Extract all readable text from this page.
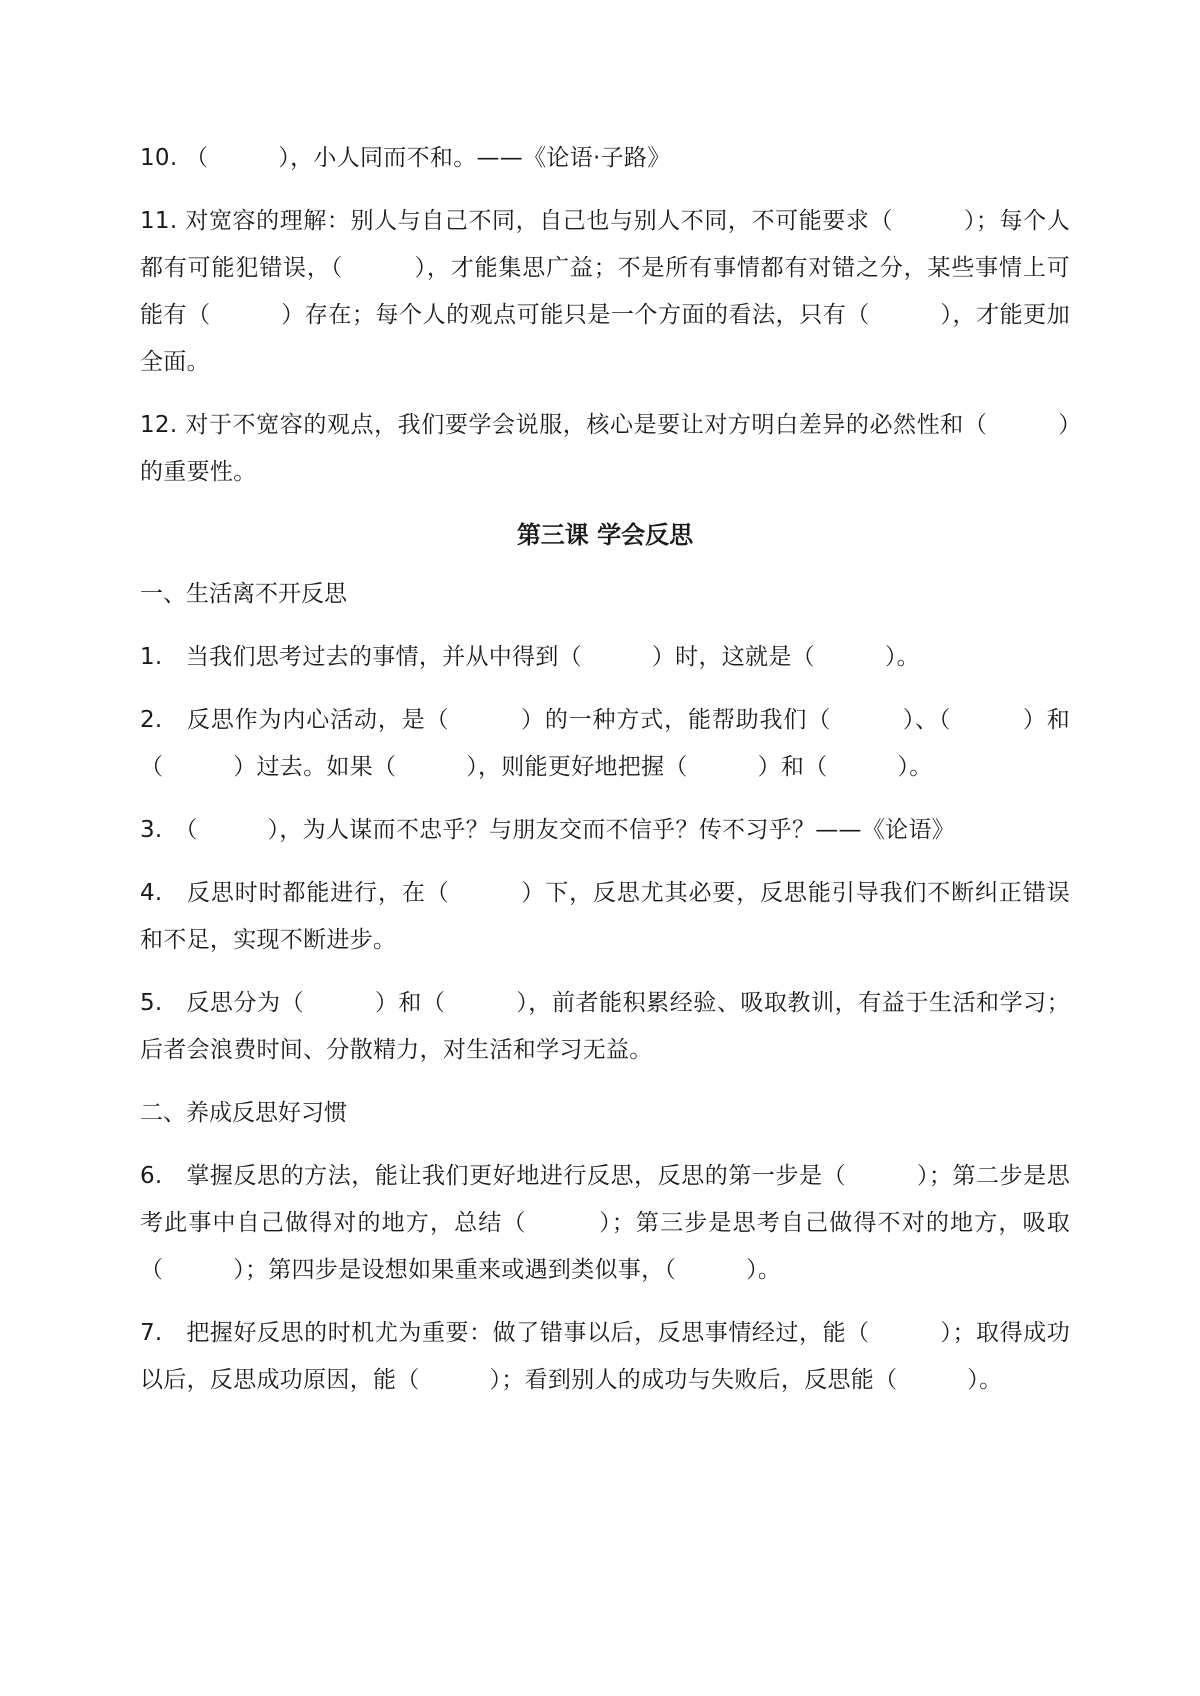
10. （　　　），小人同而不和。——《论语·子路》

11. 对宽容的理解：别人与自己不同，自己也与别人不同，不可能要求（　　　）；每个人都有可能犯错误，（　　　），才能集思广益；不是所有事情都有对错之分，某些事情上可能有（　　　）存在；每个人的观点可能只是一个方面的看法，只有（　　　），才能更加全面。

12. 对于不宽容的观点，我们要学会说服，核心是要让对方明白差异的必然性和（　　　）的重要性。

第三课 学会反思
一、生活离不开反思

1.　当我们思考过去的事情，并从中得到（　　　）时，这就是（　　　）。

2.　反思作为内心活动，是（　　　）的一种方式，能帮助我们（　　　）、（　　　）和（　　　）过去。如果（　　　），则能更好地把握（　　　）和（　　　）。

3.　（　　　），为人谋而不忠乎？与朋友交而不信乎？传不习乎？——《论语》

4.　反思时时都能进行，在（　　　）下，反思尤其必要，反思能引导我们不断纠正错误和不足，实现不断进步。

5.　反思分为（　　　）和（　　　），前者能积累经验、吸取教训，有益于生活和学习；后者会浪费时间、分散精力，对生活和学习无益。

二、养成反思好习惯

6.　掌握反思的方法，能让我们更好地进行反思，反思的第一步是（　　　）；第二步是思考此事中自己做得对的地方，总结（　　　）；第三步是思考自己做得不对的地方，吸取（　　　）；第四步是设想如果重来或遇到类似事，（　　　）。

7.　把握好反思的时机尤为重要：做了错事以后，反思事情经过，能（　　　）；取得成功以后，反思成功原因，能（　　　）；看到别人的成功与失败后，反思能（　　　）。
